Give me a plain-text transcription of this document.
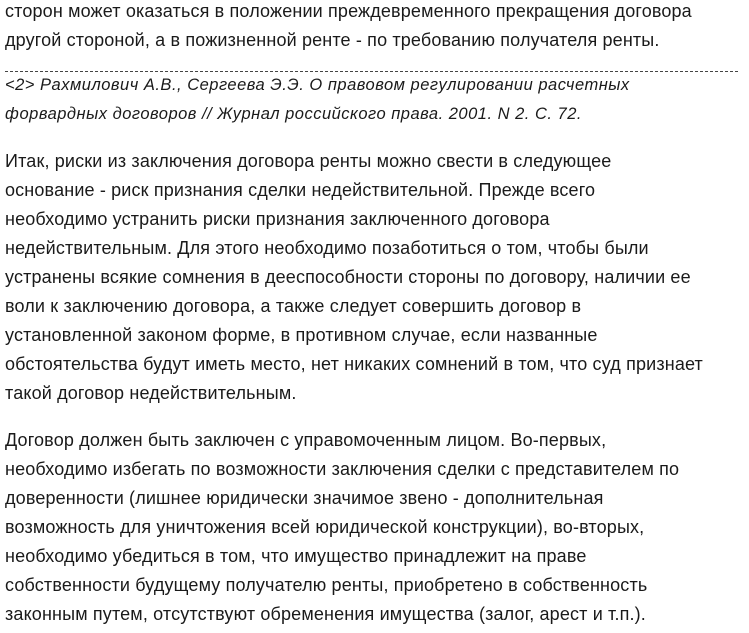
сторон может оказаться в положении преждевременного прекращения договора
другой стороной, а в пожизненной ренте - по требованию получателя ренты.
<2> Рахмилович А.В., Сергеева Э.Э. О правовом регулировании расчетных
форвардных договоров // Журнал российского права. 2001. N 2. С. 72.
Итак, риски из заключения договора ренты можно свести в следующее
основание - риск признания сделки недействительной. Прежде всего
необходимо устранить риски признания заключенного договора
недействительным. Для этого необходимо позаботиться о том, чтобы были
устранены всякие сомнения в дееспособности стороны по договору, наличии ее
воли к заключению договора, а также следует совершить договор в
установленной законом форме, в противном случае, если названные
обстоятельства будут иметь место, нет никаких сомнений в том, что суд признает
такой договор недействительным.
Договор должен быть заключен с управомоченным лицом. Во-первых,
необходимо избегать по возможности заключения сделки с представителем по
доверенности (лишнее юридически значимое звено - дополнительная
возможность для уничтожения всей юридической конструкции), во-вторых,
необходимо убедиться в том, что имущество принадлежит на праве
собственности будущему получателю ренты, приобретено в собственность
законным путем, отсутствуют обременения имущества (залог, арест и т.п.).
